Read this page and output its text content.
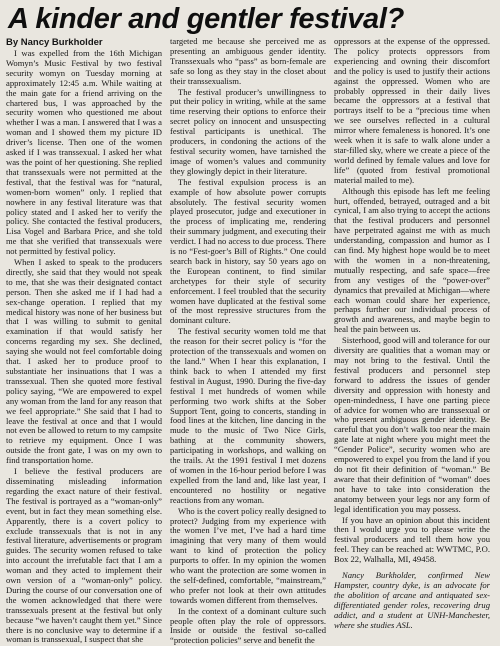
A kinder and gentler festival?
By Nancy Burkholder

I was expelled from the 16th Michigan Womyn’s Music Festival by two festival security womyn on Tuesday morning at approximately 12:45 a.m. While waiting at the main gate for a friend arriving on the chartered bus, I was approached by the security women who questioned me about whether I was a man. I answered that I was a woman and I showed them my picture ID driver’s license. Then one of the women asked if I was transsexual. I asked her what was the point of her questioning. She replied that transsexuals were not permitted at the festival, that the festival was for “natural, women-born women” only. I replied that nowhere in any festival literature was that policy stated and I asked her to verify the policy. She contacted the festival producers, Lisa Vogel and Barbara Price, and she told me that she verified that transsexuals were not permitted by festival policy.

When I asked to speak to the producers directly, she said that they would not speak to me, that she was their designated contact person. Then she asked me if I had had a sex-change operation. I replied that my medical history was none of her business but that I was willing to submit to genital examination if that would satisfy her concerns regarding my sex. She declined, saying she would not feel comfortable doing that. I asked her to produce proof to substantiate her insinuations that I was a transsexual. Then she quoted more festival policy saying, “We are empowered to expel any woman from the land for any reason that we feel appropriate.” She said that I had to leave the festival at once and that I would not even be allowed to return to my campsite to retrieve my equipment. Once I was outside the front gate, I was on my own to find transportation home.

I believe the festival producers are disseminating misleading information regarding the exact nature of their festival. The festival is portrayed as a “woman-only” event, but in fact they mean something else. Apparently, there is a covert policy to exclude transsexuals that is not in any festival literature, advertisements or program guides. The security women refused to take into account the irrefutable fact that I am a woman and they acted to implement their own version of a “woman-only” policy. During the course of our conversation one of the women acknowledged that there were transsexuals present at the festival but only because “we haven’t caught them yet.” Since there is no conclusive way to determine if a woman is transsexual, I suspect that she

targeted me because she perceived me as presenting an ambiguous gender identity. Transsexuals who “pass” as born-female are safe so long as they stay in the closet about their transsexualism.

The festival producer’s unwillingness to put their policy in writing, while at the same time reserving their options to enforce their secret policy on innocent and unsuspecting festival participants is unethical. The producers, in condoning the actions of the festival security women, have tarnished the image of women’s values and community they glowingly depict in their literature.

The festival expulsion process is an example of how absolute power corrupts absolutely. The festival security women played prosecutor, judge and executioner in the process of implicating me, rendering their summary judgment, and executing their verdict. I had no access to due process. There is no “Fest-goer’s Bill of Rights.” One could search back in history, say 50 years ago on the European continent, to find similar archetypes for their style of security enforcement. I feel troubled that the security women have duplicated at the festival some of the most repressive structures from the dominant culture.

The festival security women told me that the reason for their secret policy is “for the protection of the transsexuals and women on the land.” When I hear this explanation, I think back to when I attended my first festival in August, 1990. During the five-day festival I met hundreds of women while performing two work shifts at the Sober Support Tent, going to concerts, standing in food lines at the kitchen, line dancing in the mude to the music of Two Nice Girls, bathing at the community showers, participating in workshops, and walking on the trails. At the 1991 festival I met dozens of women in the 16-hour period before I was expelled from the land and, like last year, I encountered no hostility or negative reactions from any woman.

Who is the covert policy really designed to protect? Judging from my experience with the women I’ve met, I’ve had a hard time imagining that very many of them would want to kind of protection the policy purports to offer. In my opinion the women who want the protection are some women in the self-defined, comfortable, “mainstream,” who prefer not look at their own attitudes towards women different from themselves.

In the context of a dominant culture such people often play the role of oppressors. Inside or outside the festival so-called “protection policies” serve and benefit the

oppressors at the expense of the oppressed. The policy protects oppressors from experiencing and owning their discomfort and the policy is used to justify their actions against the oppressed. Women who are probably oppressed in their daily lives became the oppressors at a festival that portrays itself to be a “precious time when we see ourselves reflected in a cultural mirror where femaleness is honored. It’s one week when it is safe to walk alone under a star-filled sky, where we create a piece of the world defined by female values and love for life” (quoted from festival promotional material mailed to me).

Although this episode has left me feeling hurt, offended, betrayed, outraged and a bit cynical, I am also trying to accept the actions that the festival producers and personnel have perpetrated against me with as much understanding, compassion and humor as I can find. My highest hope would be to meet with the women in a non-threatening, mutually respecting, and safe space—free from any vestiges of the “power-over” dynamics that prevailed at Michigan—where each woman could share her experience, perhaps further our individual process of growth and awareness, and maybe begin to heal the pain between us.

Sisterhood, good will and tolerance for our diversity are qualities that a woman may or may not bring to the festival. Until the festival producers and personnel step forward to address the issues of gender diversity and oppression with honesty and open-mindedness, I have one parting piece of advice for women who are transsexual or who present ambiguous gender identity. Be careful that you don’t walk too near the main gate late at night where you might meet the “Gender Police”, security women who are empowered to expel you from the land if you do not fit their definition of “woman.” Be aware that their definition of “woman” does not have to take into consideration the anatomy between your legs nor any form of legal identification you may possess.

If you have an opinion about this incident then I would urge you to please write the festival producers and tell them how you feel. They can be reached at: WWTMC, P.O. Box 22, Walhalla, MI, 49458.

Nancy Burkholder, confirmed New Hampster, country dyke, is an advocate for the abolition of arcane and antiquated sex-differentiated gender roles, recovering drug addict, and a student at UNH-Manchester, where she studies ASL.
